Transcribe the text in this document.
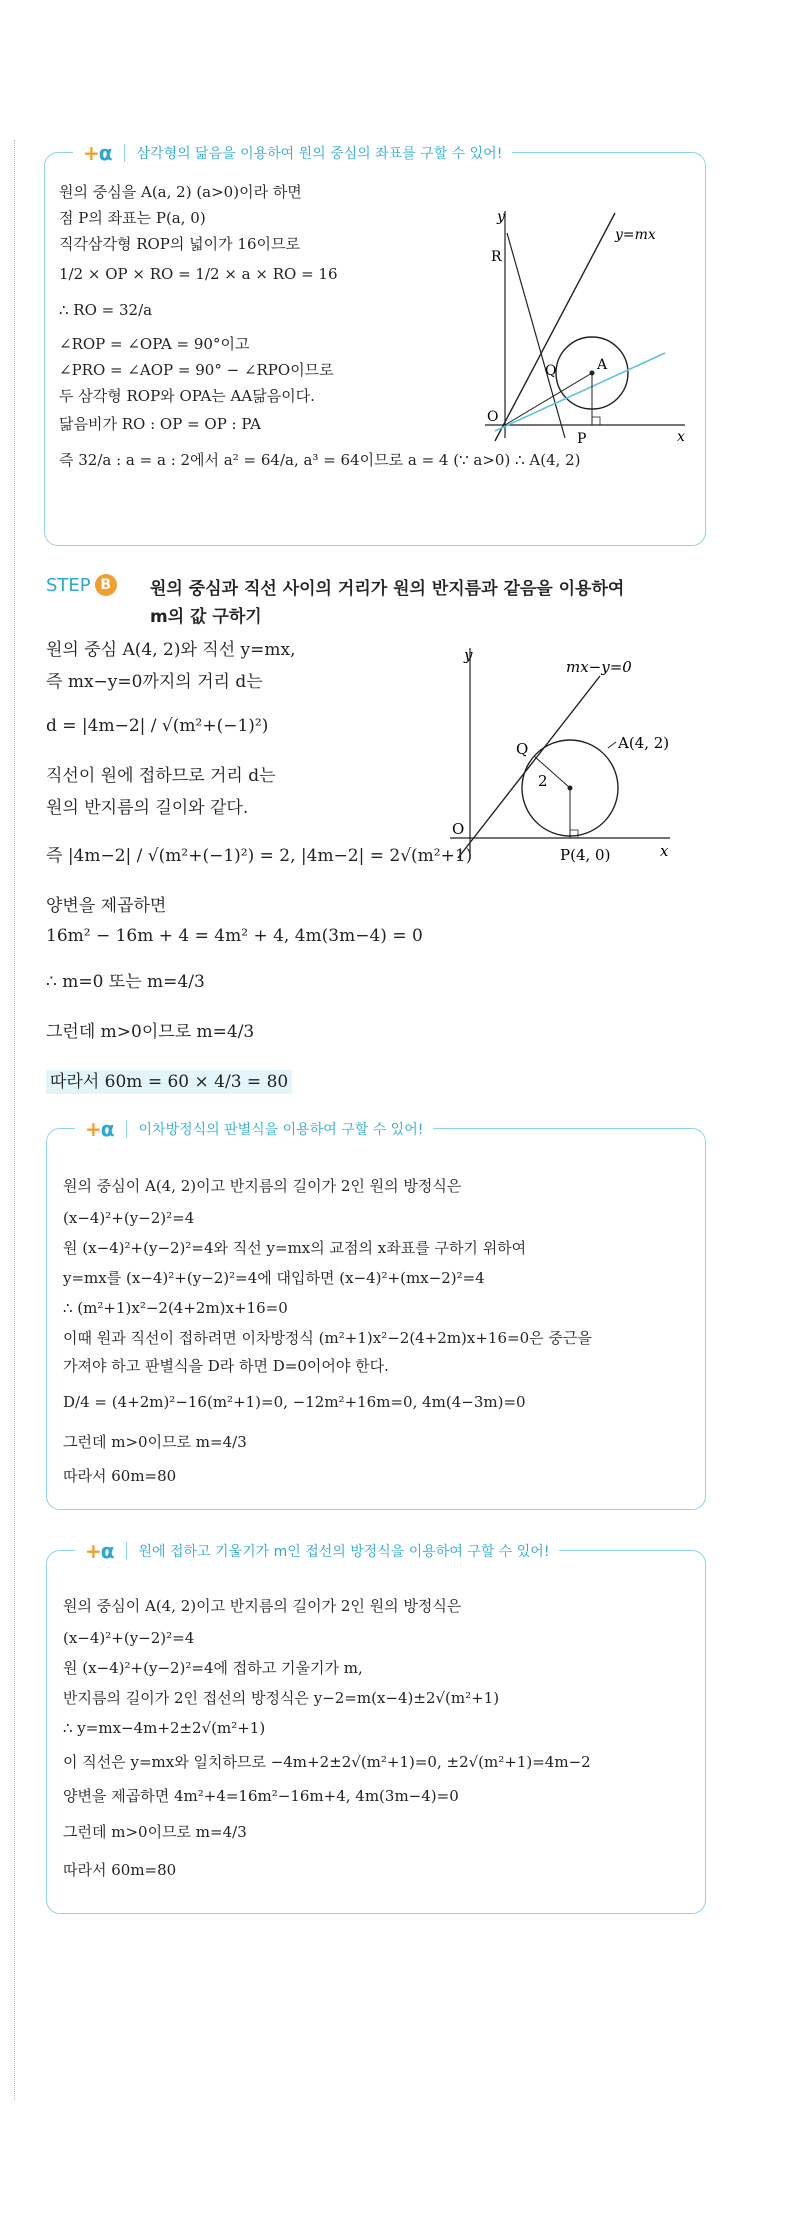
+α 삼각형의 닮음을 이용하여 원의 중심의 좌표를 구할 수 있어!
원의 중심을 A(a, 2) (a>0)이라 하면
점 P의 좌표는 P(a, 0)
직각삼각형 ROP의 넓이가 16이므로
1/2 × OP × RO = 1/2 × a × RO = 16
∴ RO = 32/a
∠ROP = ∠OPA = 90°이고
∠PRO = ∠AOP = 90° − ∠RPO이므로
두 삼각형 ROP와 OPA는 AA닮음이다.
닮음비가 RO : OP = OP : PA
즉 32/a : a = a : 2에서 a² = 64/a, a³ = 64이므로 a = 4 (∵ a>0) ∴ A(4, 2)
y
x
O
R
Q	A
P
y=mx
STEP B	원의 중심과 직선 사이의 거리가 원의 반지름과 같음을 이용하여
m의 값 구하기
원의 중심 A(4, 2)와 직선 y=mx,
즉 mx−y=0까지의 거리 d는
d = |4m−2| / √(m²+(−1)²)
직선이 원에 접하므로 거리 d는
원의 반지름의 길이와 같다.
즉 |4m−2| / √(m²+(−1)²) = 2, |4m−2| = 2√(m²+1)
양변을 제곱하면
16m² − 16m + 4 = 4m² + 4, 4m(3m−4) = 0
∴ m=0 또는 m=4/3
그런데 m>0이므로 m=4/3
따라서 60m = 60 × 4/3 = 80
y
x
O
Q
2
A(4, 2)
P(4, 0)
mx−y=0
+α 이차방정식의 판별식을 이용하여 구할 수 있어!
원의 중심이 A(4, 2)이고 반지름의 길이가 2인 원의 방정식은
(x−4)²+(y−2)²=4
원 (x−4)²+(y−2)²=4와 직선 y=mx의 교점의 x좌표를 구하기 위하여
y=mx를 (x−4)²+(y−2)²=4에 대입하면 (x−4)²+(mx−2)²=4
∴ (m²+1)x²−2(4+2m)x+16=0
이때 원과 직선이 접하려면 이차방정식 (m²+1)x²−2(4+2m)x+16=0은 중근을
가져야 하고 판별식을 D라 하면 D=0이어야 한다.
D/4 = (4+2m)²−16(m²+1)=0, −12m²+16m=0, 4m(4−3m)=0
그런데 m>0이므로 m=4/3
따라서 60m=80
+α 원에 접하고 기울기가 m인 접선의 방정식을 이용하여 구할 수 있어!
원의 중심이 A(4, 2)이고 반지름의 길이가 2인 원의 방정식은
(x−4)²+(y−2)²=4
원 (x−4)²+(y−2)²=4에 접하고 기울기가 m,
반지름의 길이가 2인 접선의 방정식은 y−2=m(x−4)±2√(m²+1)
∴ y=mx−4m+2±2√(m²+1)
이 직선은 y=mx와 일치하므로 −4m+2±2√(m²+1)=0, ±2√(m²+1)=4m−2
양변을 제곱하면 4m²+4=16m²−16m+4, 4m(3m−4)=0
그런데 m>0이므로 m=4/3
따라서 60m=80
